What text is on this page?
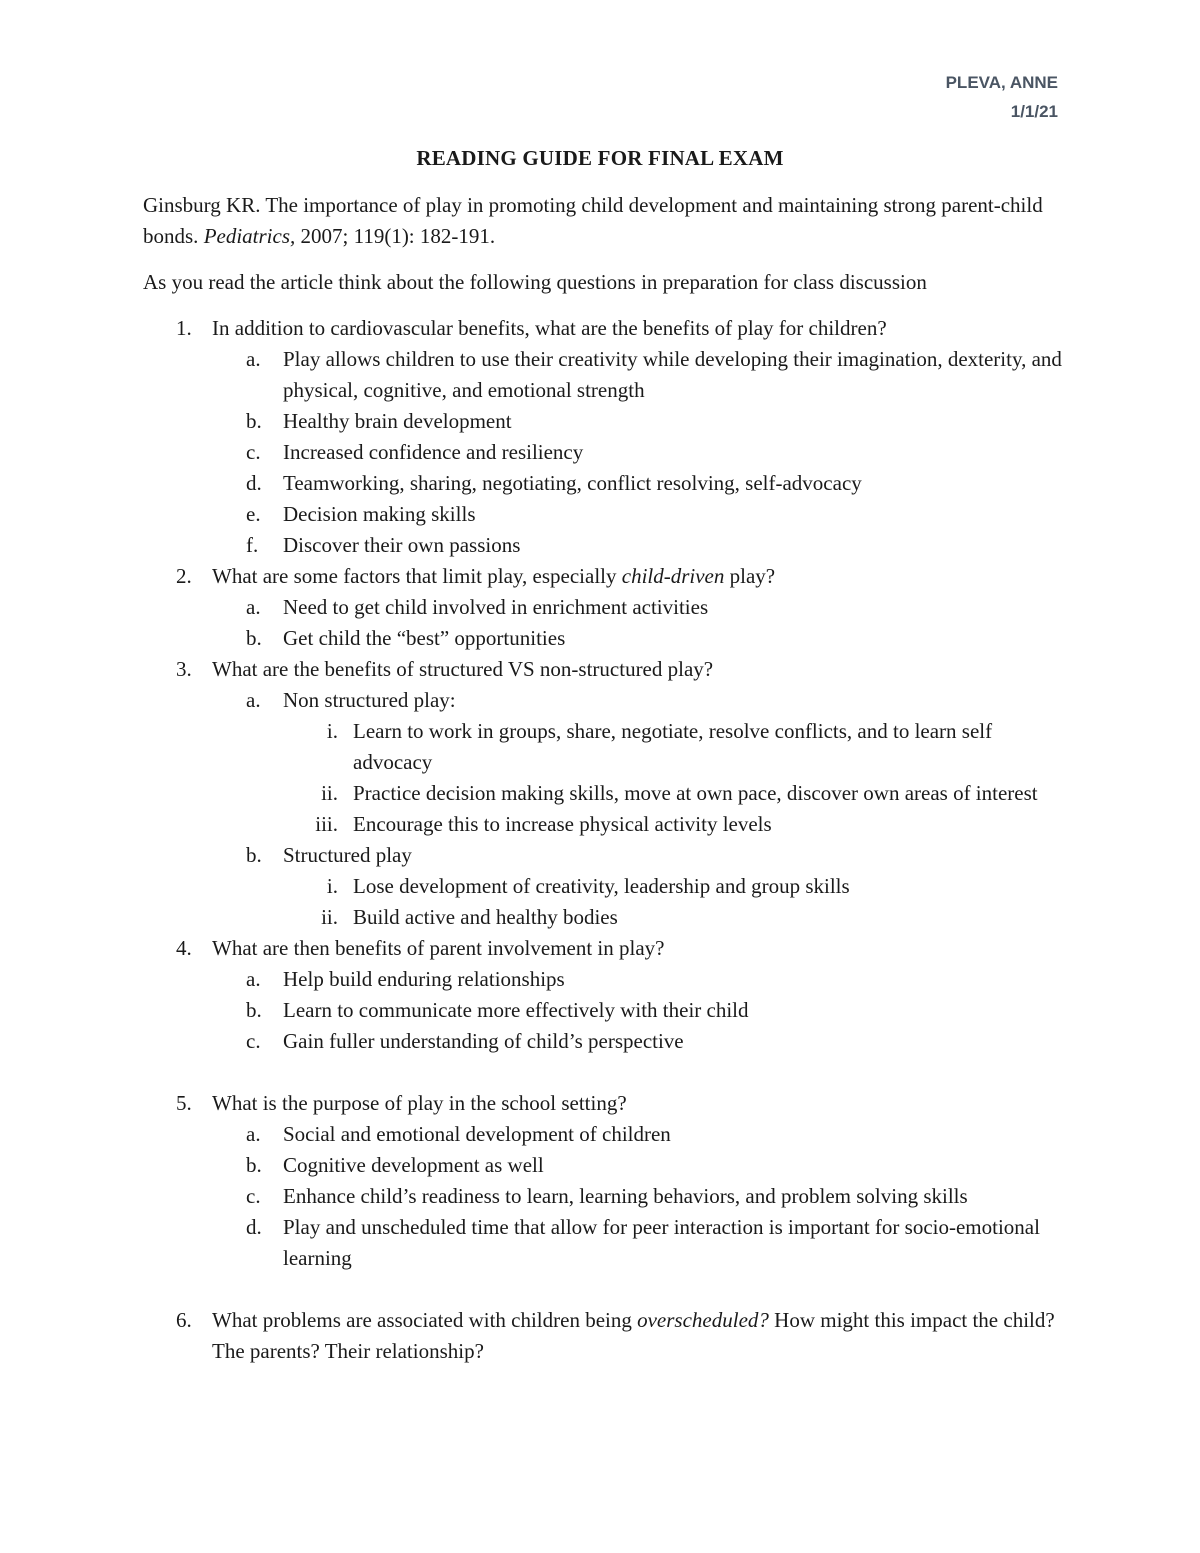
PLEVA, ANNE
1/1/21
READING GUIDE FOR FINAL EXAM

Ginsburg KR. The importance of play in promoting child development and maintaining strong parent-child bonds. Pediatrics, 2007; 119(1): 182-191.

As you read the article think about the following questions in preparation for class discussion

1. In addition to cardiovascular benefits, what are the benefits of play for children?
a. Play allows children to use their creativity while developing their imagination, dexterity, and physical, cognitive, and emotional strength
b. Healthy brain development
c. Increased confidence and resiliency
d. Teamworking, sharing, negotiating, conflict resolving, self-advocacy
e. Decision making skills
f. Discover their own passions
2. What are some factors that limit play, especially child-driven play?
a. Need to get child involved in enrichment activities
b. Get child the “best” opportunities
3. What are the benefits of structured VS non-structured play?
a. Non structured play:
i. Learn to work in groups, share, negotiate, resolve conflicts, and to learn self advocacy
ii. Practice decision making skills, move at own pace, discover own areas of interest
iii. Encourage this to increase physical activity levels
b. Structured play
i. Lose development of creativity, leadership and group skills
ii. Build active and healthy bodies
4. What are then benefits of parent involvement in play?
a. Help build enduring relationships
b. Learn to communicate more effectively with their child
c. Gain fuller understanding of child’s perspective
5. What is the purpose of play in the school setting?
a. Social and emotional development of children
b. Cognitive development as well
c. Enhance child’s readiness to learn, learning behaviors, and problem solving skills
d. Play and unscheduled time that allow for peer interaction is important for socio-emotional learning
6. What problems are associated with children being overscheduled? How might this impact the child? The parents? Their relationship?
